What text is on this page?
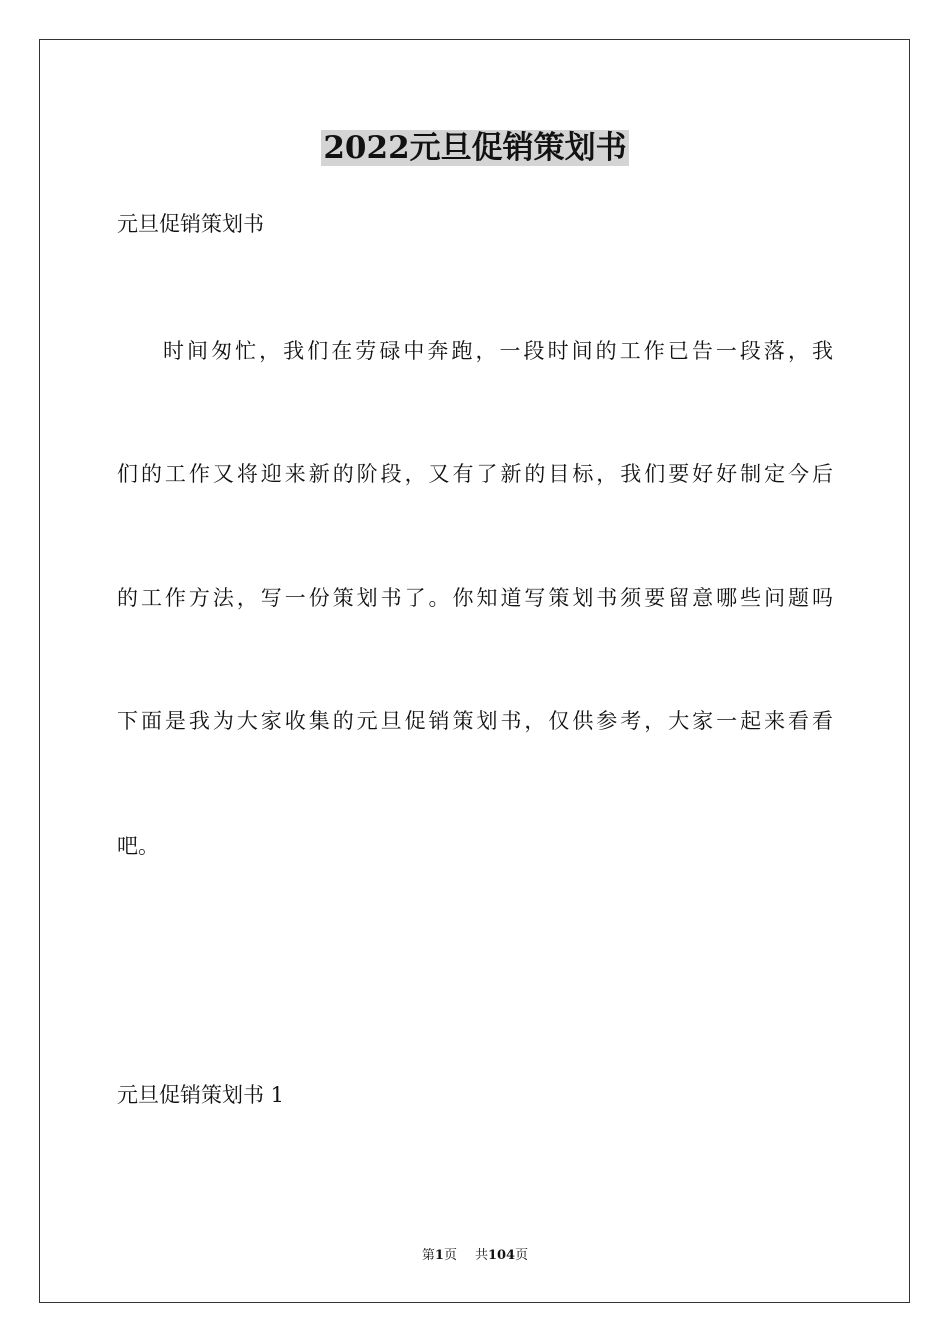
2022元旦促销策划书

元旦促销策划书

时间匆忙，我们在劳碌中奔跑，一段时间的工作已告一段落，我

们的工作又将迎来新的阶段，又有了新的目标，我们要好好制定今后

的工作方法，写一份策划书了。你知道写策划书须要留意哪些问题吗

下面是我为大家收集的元旦促销策划书，仅供参考，大家一起来看看

吧。

元旦促销策划书 1

第1页 共104页
